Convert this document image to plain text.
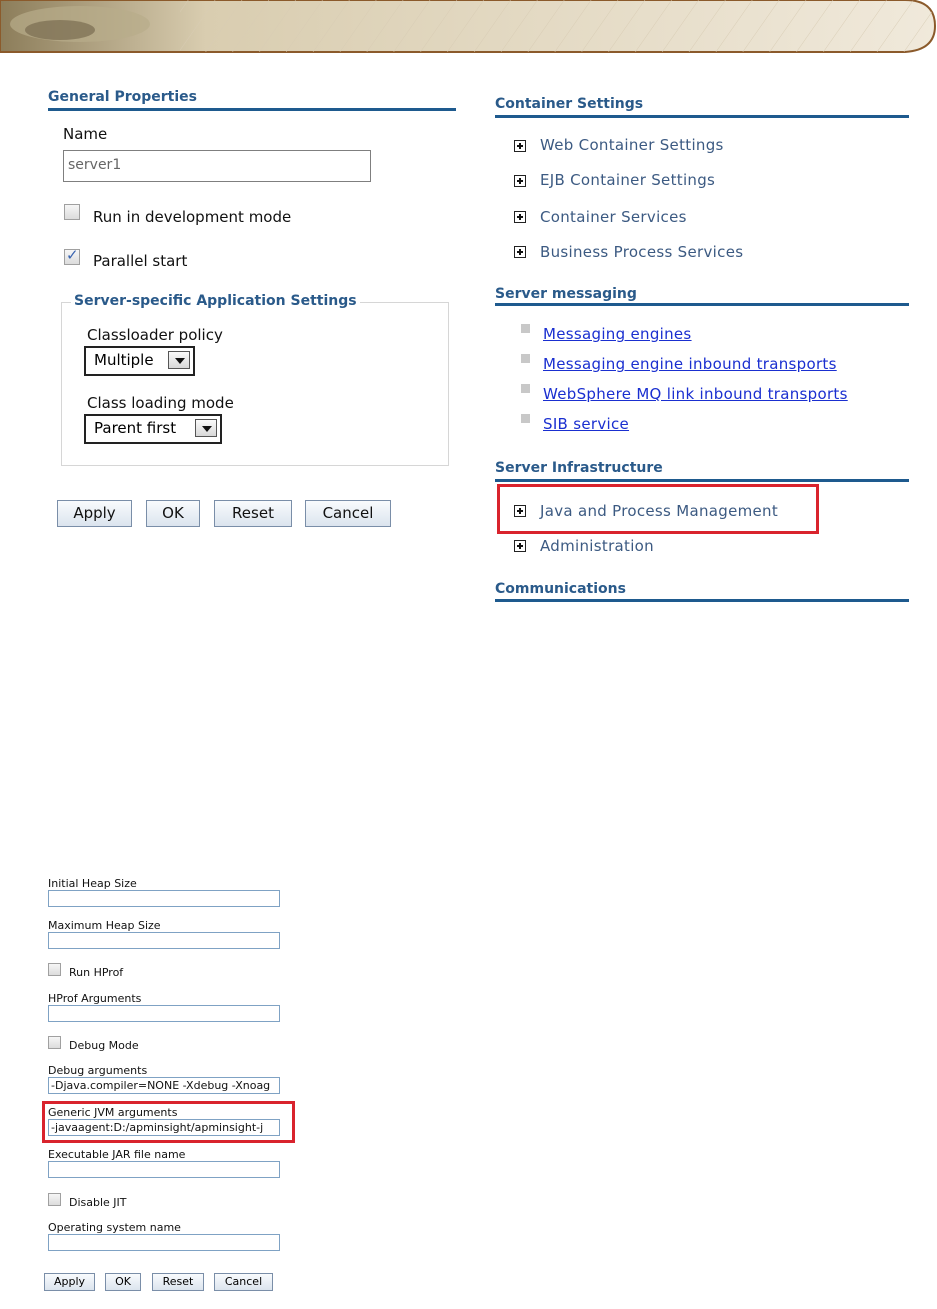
General Properties
Name
server1
Run in development mode
✓ Parallel start
Server-specific Application Settings
Classloader policy
Multiple
Class loading mode
Parent first
Apply	OK	Reset	Cancel
Container Settings
Web Container Settings
EJB Container Settings
Container Services
Business Process Services
Server messaging
Messaging engines
Messaging engine inbound transports
WebSphere MQ link inbound transports
SIB service
Server Infrastructure
Java and Process Management
Administration
Communications
Initial Heap Size
Maximum Heap Size
Run HProf
HProf Arguments
Debug Mode
Debug arguments
-Djava.compiler=NONE -Xdebug -Xnoag
Generic JVM arguments
-javaagent:D:/apminsight/apminsight-j
Executable JAR file name
Disable JIT
Operating system name
Apply	OK	Reset	Cancel
